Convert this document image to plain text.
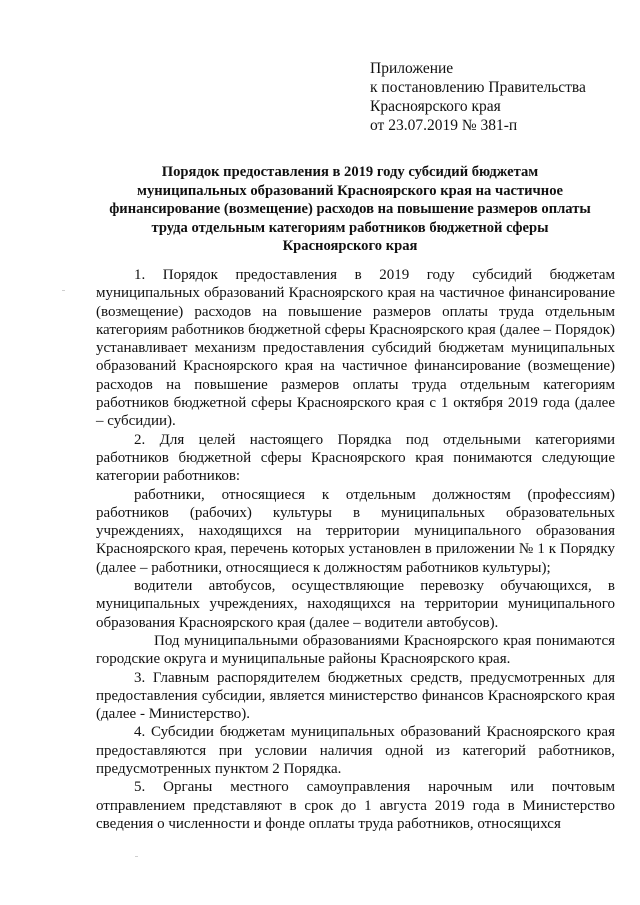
Приложение
к постановлению Правительства
Красноярского края
от 23.07.2019 № 381-п
Порядок предоставления в 2019 году субсидий бюджетам
муниципальных образований Красноярского края на частичное
финансирование (возмещение) расходов на повышение размеров оплаты
труда отдельным категориям работников бюджетной сферы
Красноярского края

1. Порядок предоставления в 2019 году субсидий бюджетам муниципальных образований Красноярского края на частичное финансирование (возмещение) расходов на повышение размеров оплаты труда отдельным категориям работников бюджетной сферы Красноярского края (далее – Порядок) устанавливает механизм предоставления субсидий бюджетам муниципальных образований Красноярского края на частичное финансирование (возмещение) расходов на повышение размеров оплаты труда отдельным категориям работников бюджетной сферы Красноярского края с 1 октября 2019 года (далее – субсидии).

2. Для целей настоящего Порядка под отдельными категориями работников бюджетной сферы Красноярского края понимаются следующие категории работников:

работники, относящиеся к отдельным должностям (профессиям) работников (рабочих) культуры в муниципальных образовательных учреждениях, находящихся на территории муниципального образования Красноярского края, перечень которых установлен в приложении № 1 к Порядку (далее – работники, относящиеся к должностям работников культуры);

водители автобусов, осуществляющие перевозку обучающихся, в муниципальных учреждениях, находящихся на территории муниципального образования Красноярского края (далее – водители автобусов).

Под муниципальными образованиями Красноярского края понимаются городские округа и муниципальные районы Красноярского края.

3. Главным распорядителем бюджетных средств, предусмотренных для предоставления субсидии, является министерство финансов Красноярского края (далее - Министерство).

4. Субсидии бюджетам муниципальных образований Красноярского края предоставляются при условии наличия одной из категорий работников, предусмотренных пунктом 2 Порядка.

5. Органы местного самоуправления нарочным или почтовым отправлением представляют в срок до 1 августа 2019 года в Министерство сведения о численности и фонде оплаты труда работников, относящихся
